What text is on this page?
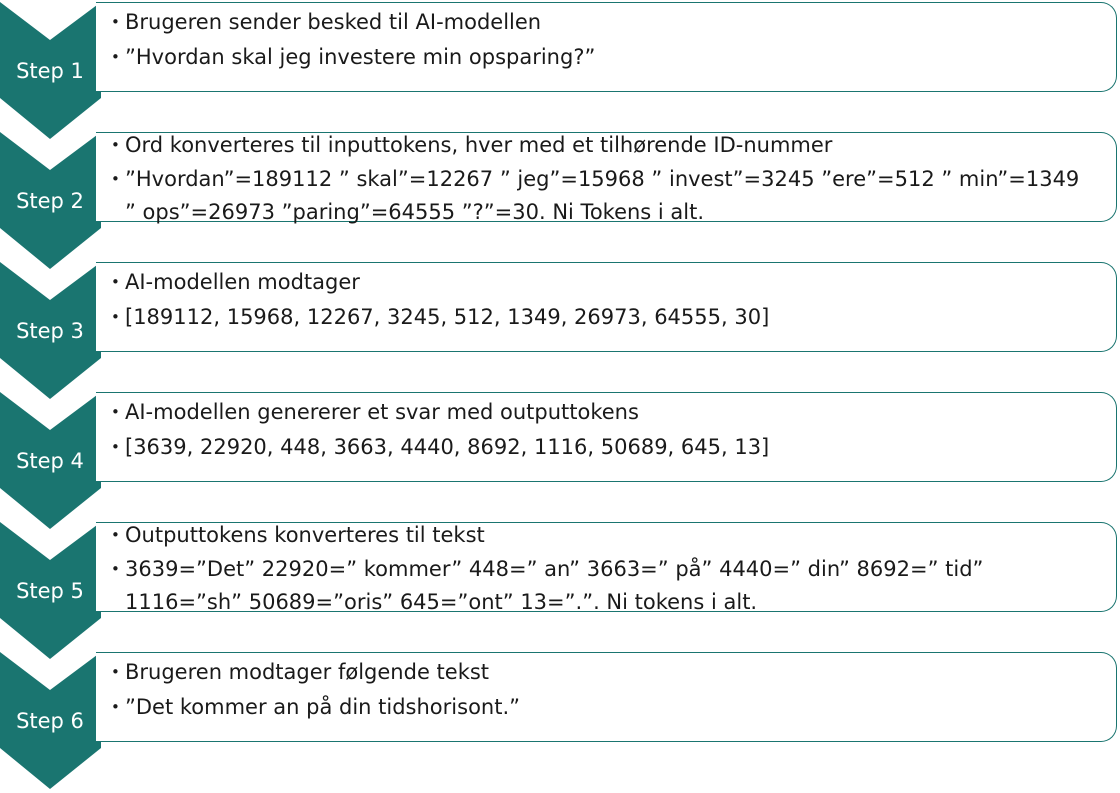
Step 1
• Brugeren sender besked til AI-modellen
• ”Hvordan skal jeg investere min opsparing?”
Step 2
• Ord konverteres til inputtokens, hver med et tilhørende ID-nummer
• ”Hvordan”=189112 ” skal”=12267 ” jeg”=15968 ” invest”=3245 ”ere”=512 ” min”=1349 ” ops”=26973 ”paring”=64555 ”?”=30. Ni Tokens i alt.
Step 3
• AI-modellen modtager
• [189112, 15968, 12267, 3245, 512, 1349, 26973, 64555, 30]
Step 4
• AI-modellen genererer et svar med outputtokens
• [3639, 22920, 448, 3663, 4440, 8692, 1116, 50689, 645, 13]
Step 5
• Outputtokens konverteres til tekst
• 3639=”Det” 22920=” kommer” 448=” an” 3663=” på” 4440=” din” 8692=” tid” 1116=”sh” 50689=”oris” 645=”ont” 13=”.”. Ni tokens i alt.
Step 6
• Brugeren modtager følgende tekst
• ”Det kommer an på din tidshorisont.”
